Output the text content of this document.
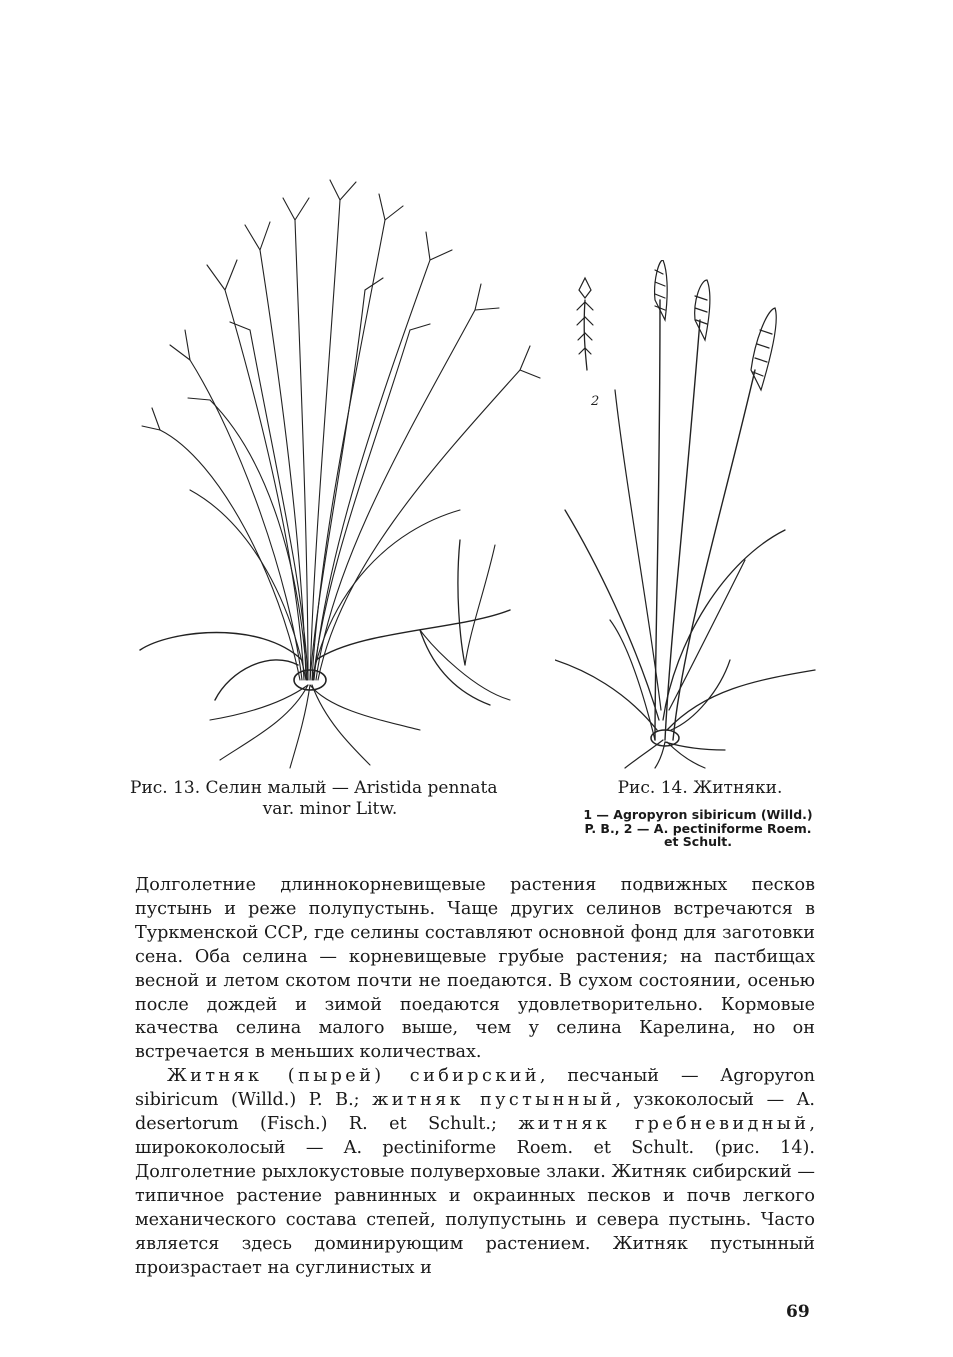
2
Рис. 13. Селин малый — Aristida pennata
var. minor Litw.
Рис. 14. Житняки.
1 — Agropyron sibiricum (Willd.)
P. B., 2 — A. pectiniforme Roem.
et Schult.

Долголетние длиннокорневищевые растения подвижных песков пустынь и реже полупустынь. Чаще других селинов встречаются в Туркменской ССР, где селины составляют основной фонд для заготовки сена. Оба селина — корневищевые грубые растения; на пастбищах весной и летом скотом почти не поедаются. В сухом состоянии, осенью после дождей и зимой поедаются удовлетворительно. Кормовые качества селина малого выше, чем у селина Карелина, но он встречается в меньших количествах.

Житняк (пырей) сибирский, песчаный — Agropyron sibiricum (Willd.) P. B.; житняк пустынный, узкоколосый — A. desertorum (Fisch.) R. et Schult.; житняк гребневидный, ширококолосый — A. pectiniforme Roem. et Schult. (рис. 14). Долголетние рыхлокустовые полуверховые злаки. Житняк сибирский — типичное растение равнинных и окраинных песков и почв легкого механического состава степей, полупустынь и севера пустынь. Часто является здесь доминирующим растением. Житняк пустынный произрастает на суглинистых и

69
